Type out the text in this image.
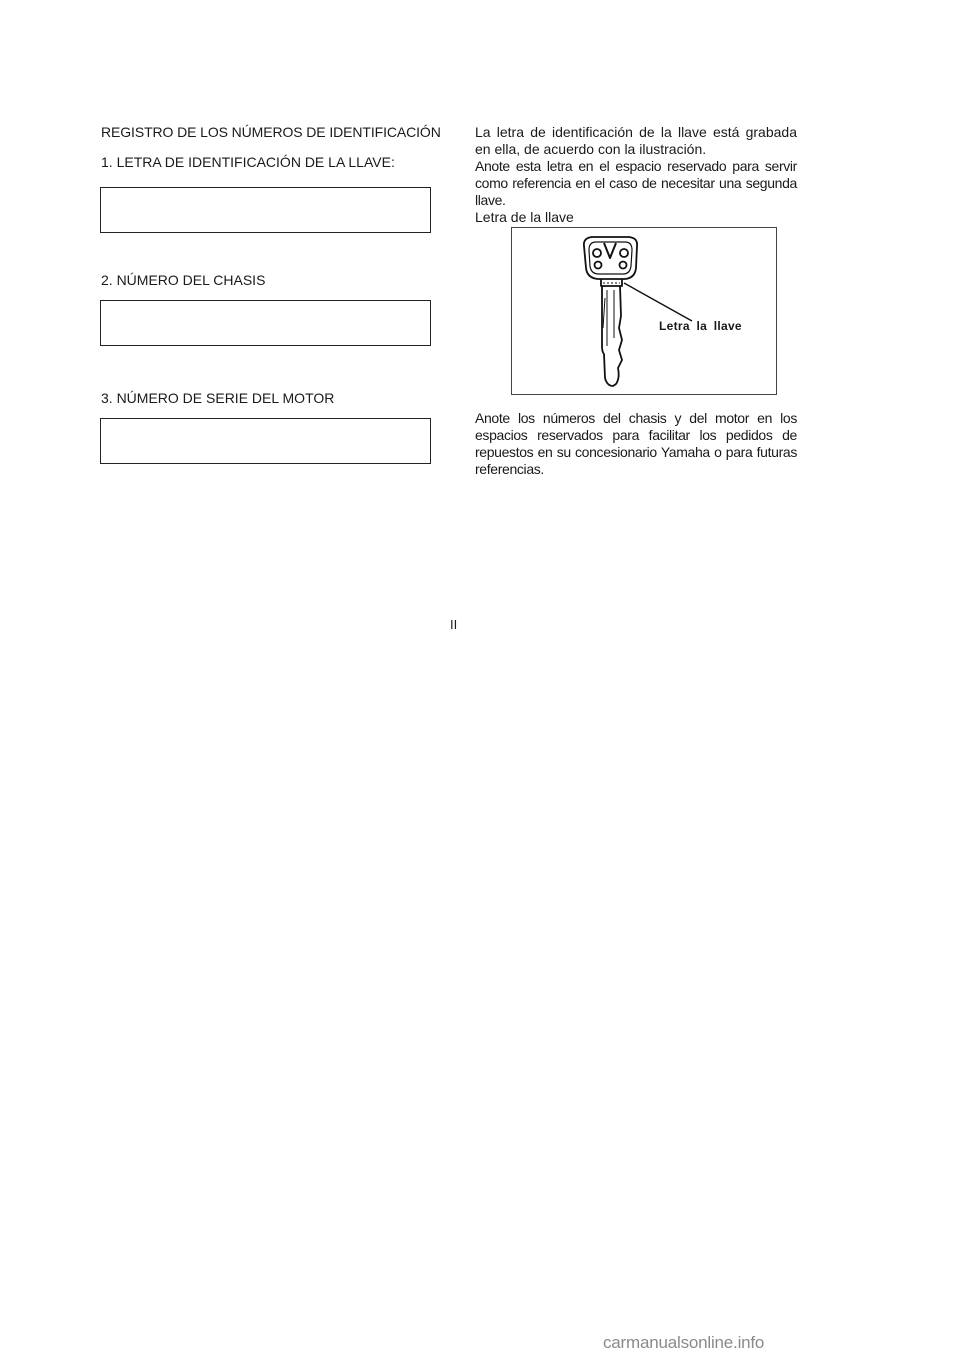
REGISTRO DE LOS NÚMEROS DE IDENTIFICACIÓN
1. LETRA DE IDENTIFICACIÓN DE LA LLAVE:
2. NÚMERO DEL CHASIS
3. NÚMERO DE SERIE DEL MOTOR

La letra de identificación de la llave está grabada en ella, de acuerdo con la ilustración.

Anote esta letra en el espacio reservado para servir como referencia en el caso de necesitar una segunda llave.

Letra de la llave

Letra la llave

Anote los números del chasis y del motor en los espacios reservados para facilitar los pedidos de repuestos en su concesionario Yamaha o para futuras referencias.

II
carmanualsonline.info
